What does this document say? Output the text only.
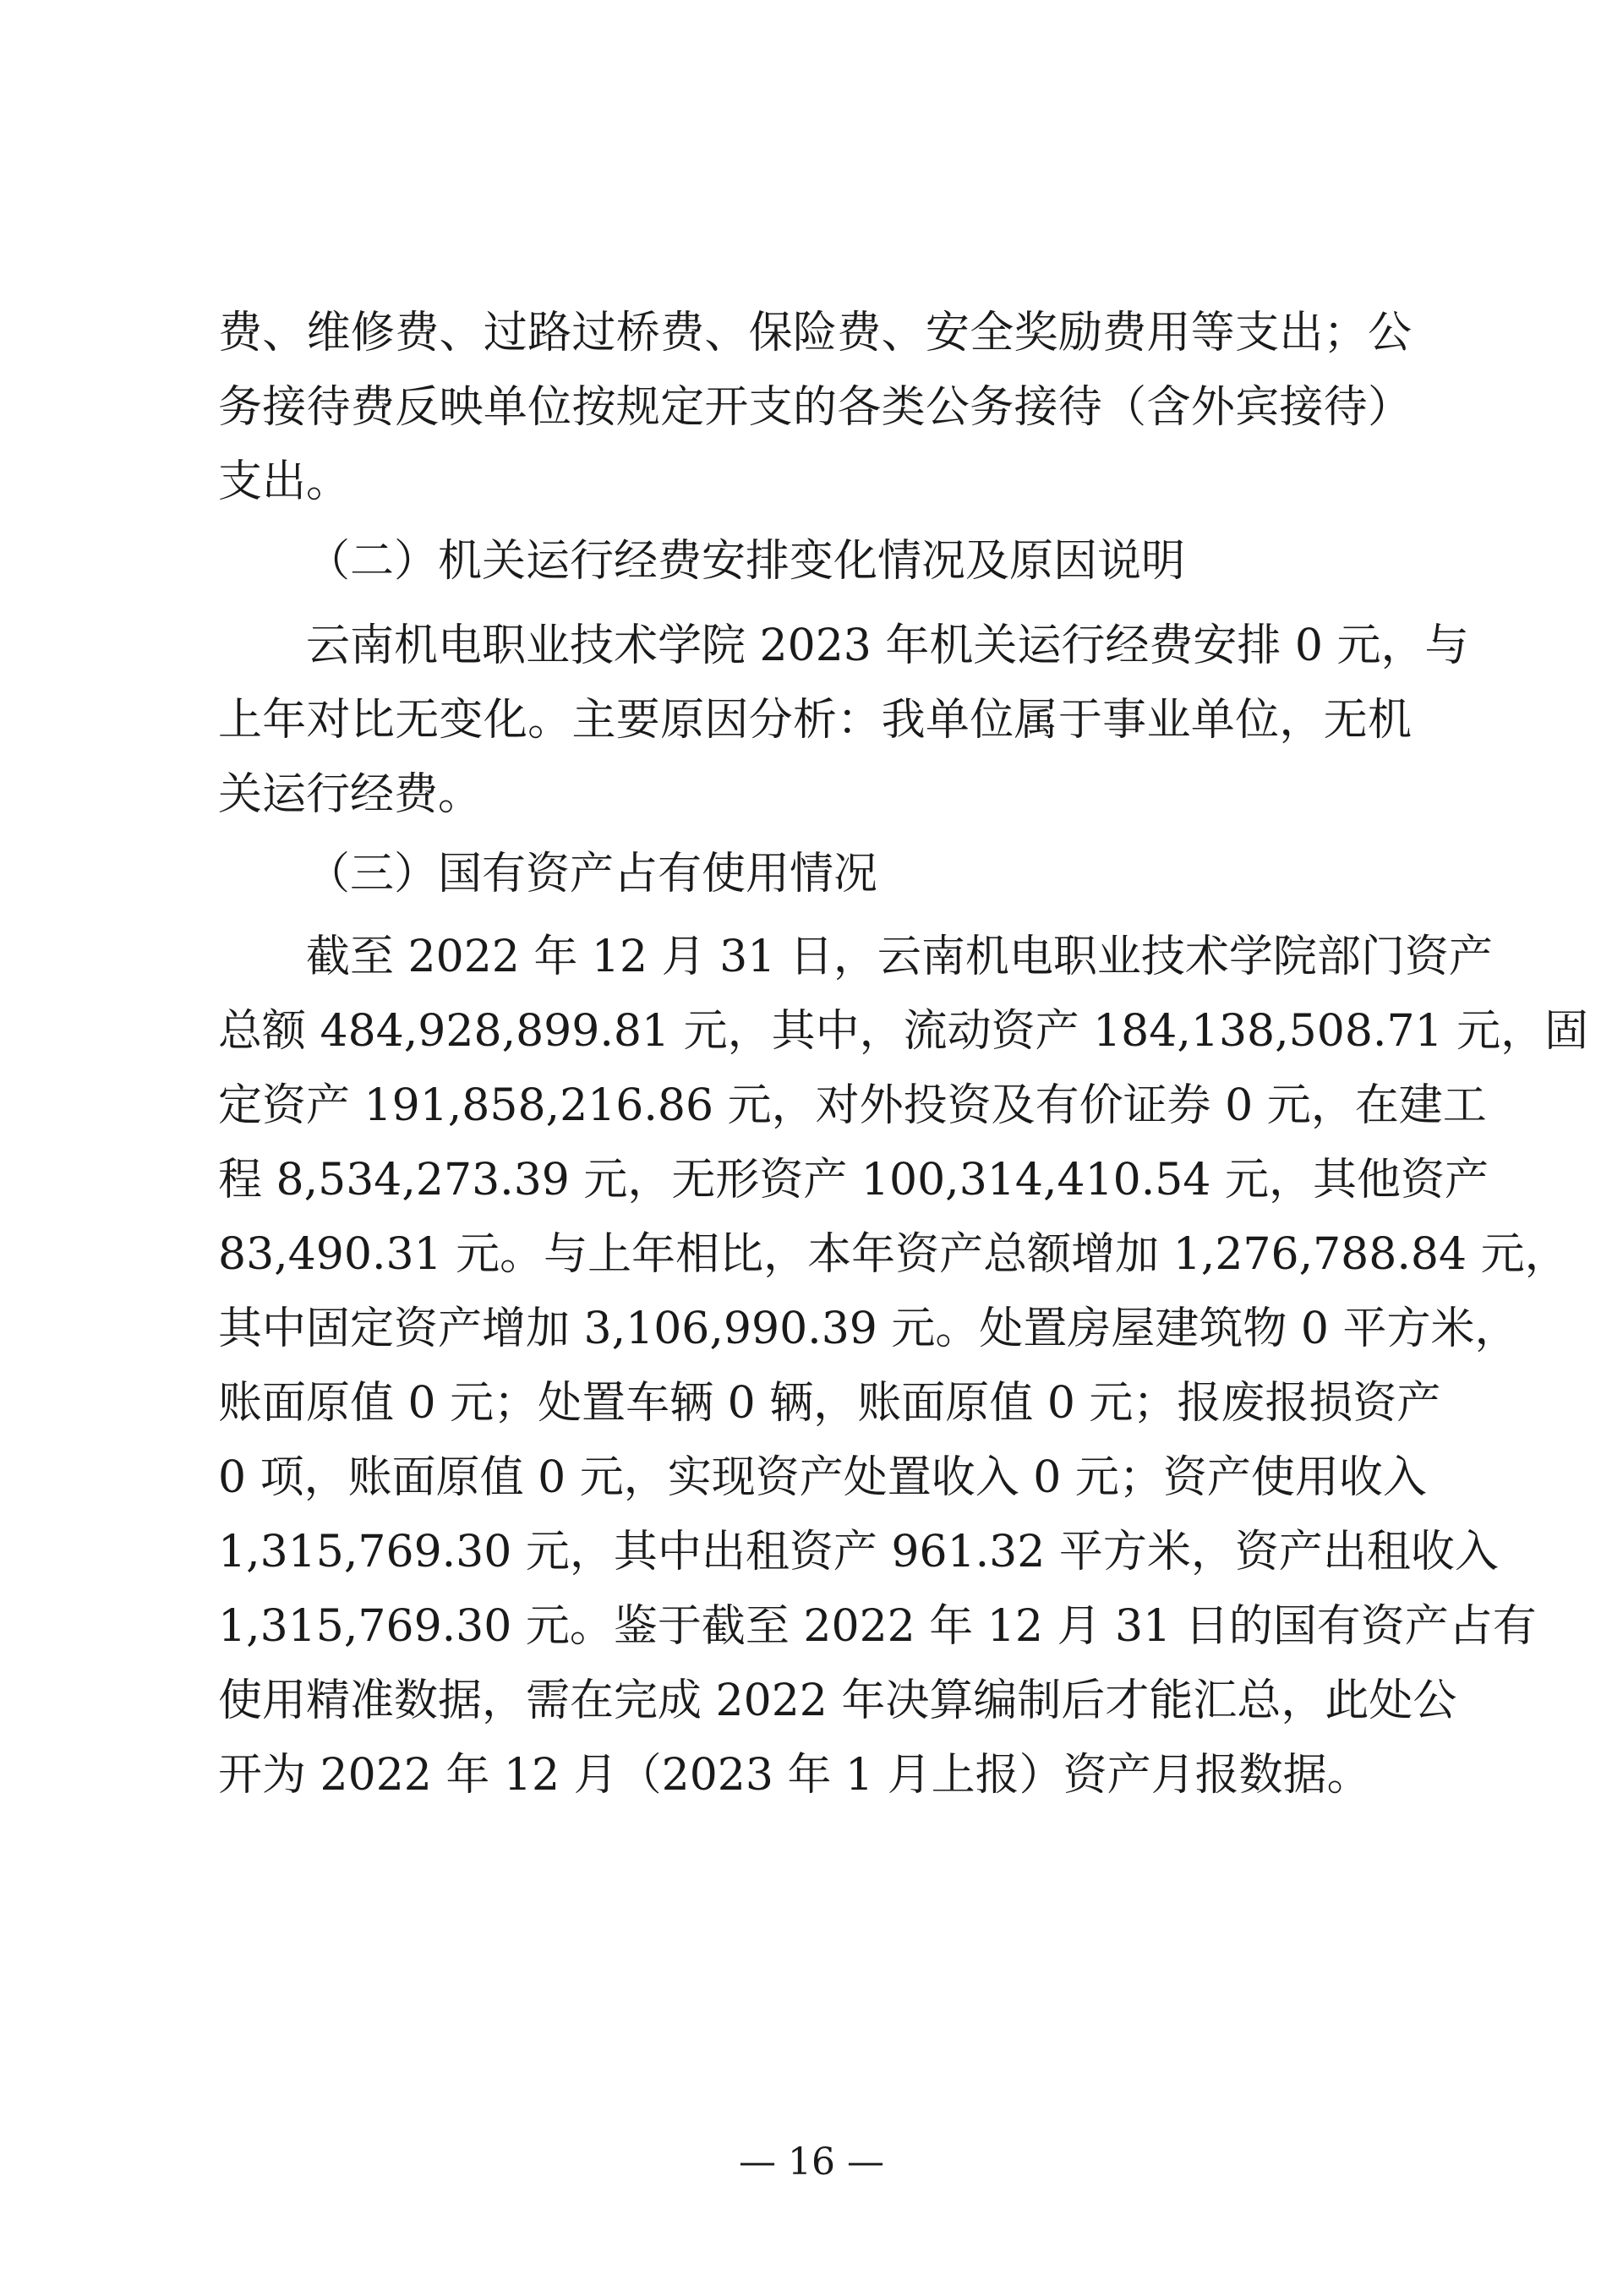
费、维修费、过路过桥费、保险费、安全奖励费用等支出；公
务接待费反映单位按规定开支的各类公务接待（含外宾接待）
支出。
（二）机关运行经费安排变化情况及原因说明
云南机电职业技术学院 2023 年机关运行经费安排 0 元，与
上年对比无变化。主要原因分析：我单位属于事业单位，无机
关运行经费。
（三）国有资产占有使用情况
截至 2022 年 12 月 31 日，云南机电职业技术学院部门资产
总额 484,928,899.81 元，其中，流动资产 184,138,508.71 元，固
定资产 191,858,216.86 元，对外投资及有价证券 0 元，在建工
程 8,534,273.39 元，无形资产 100,314,410.54 元，其他资产
83,490.31 元。与上年相比，本年资产总额增加 1,276,788.84 元，
其中固定资产增加 3,106,990.39 元。处置房屋建筑物 0 平方米，
账面原值 0 元；处置车辆 0 辆，账面原值 0 元；报废报损资产
0 项，账面原值 0 元，实现资产处置收入 0 元；资产使用收入
1,315,769.30 元，其中出租资产 961.32 平方米，资产出租收入
1,315,769.30 元。鉴于截至 2022 年 12 月 31 日的国有资产占有
使用精准数据，需在完成 2022 年决算编制后才能汇总，此处公
开为 2022 年 12 月（2023 年 1 月上报）资产月报数据。
— 16 —
